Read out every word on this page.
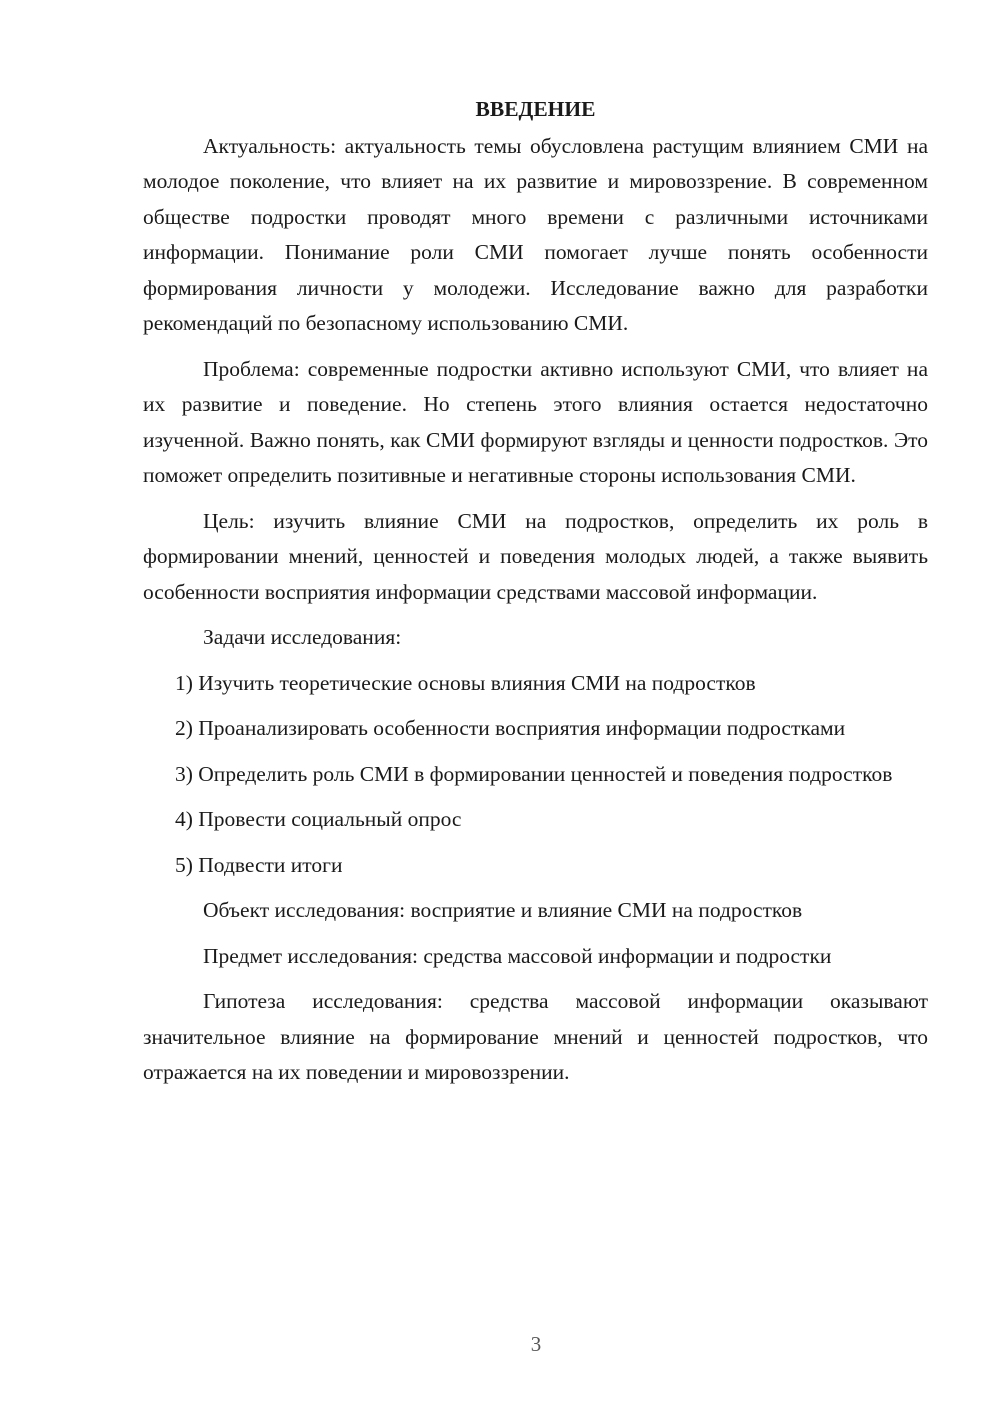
ВВЕДЕНИЕ

Актуальность: актуальность темы обусловлена растущим влиянием СМИ на молодое поколение, что влияет на их развитие и мировоззрение. В современном обществе подростки проводят много времени с различными источниками информации. Понимание роли СМИ помогает лучше понять особенности формирования личности у молодежи. Исследование важно для разработки рекомендаций по безопасному использованию СМИ.

Проблема: современные подростки активно используют СМИ, что влияет на их развитие и поведение. Но степень этого влияния остается недостаточно изученной. Важно понять, как СМИ формируют взгляды и ценности подростков. Это поможет определить позитивные и негативные стороны использования СМИ.

Цель: изучить влияние СМИ на подростков, определить их роль в формировании мнений, ценностей и поведения молодых людей, а также выявить особенности восприятия информации средствами массовой информации.

Задачи исследования:

1) Изучить теоретические основы влияния СМИ на подростков

2) Проанализировать особенности восприятия информации подростками

3) Определить роль СМИ в формировании ценностей и поведения подростков

4) Провести социальный опрос

5) Подвести итоги

Объект исследования: восприятие и влияние СМИ на подростков

Предмет исследования: средства массовой информации и подростки

Гипотеза исследования: средства массовой информации оказывают значительное влияние на формирование мнений и ценностей подростков, что отражается на их поведении и мировоззрении.

3
